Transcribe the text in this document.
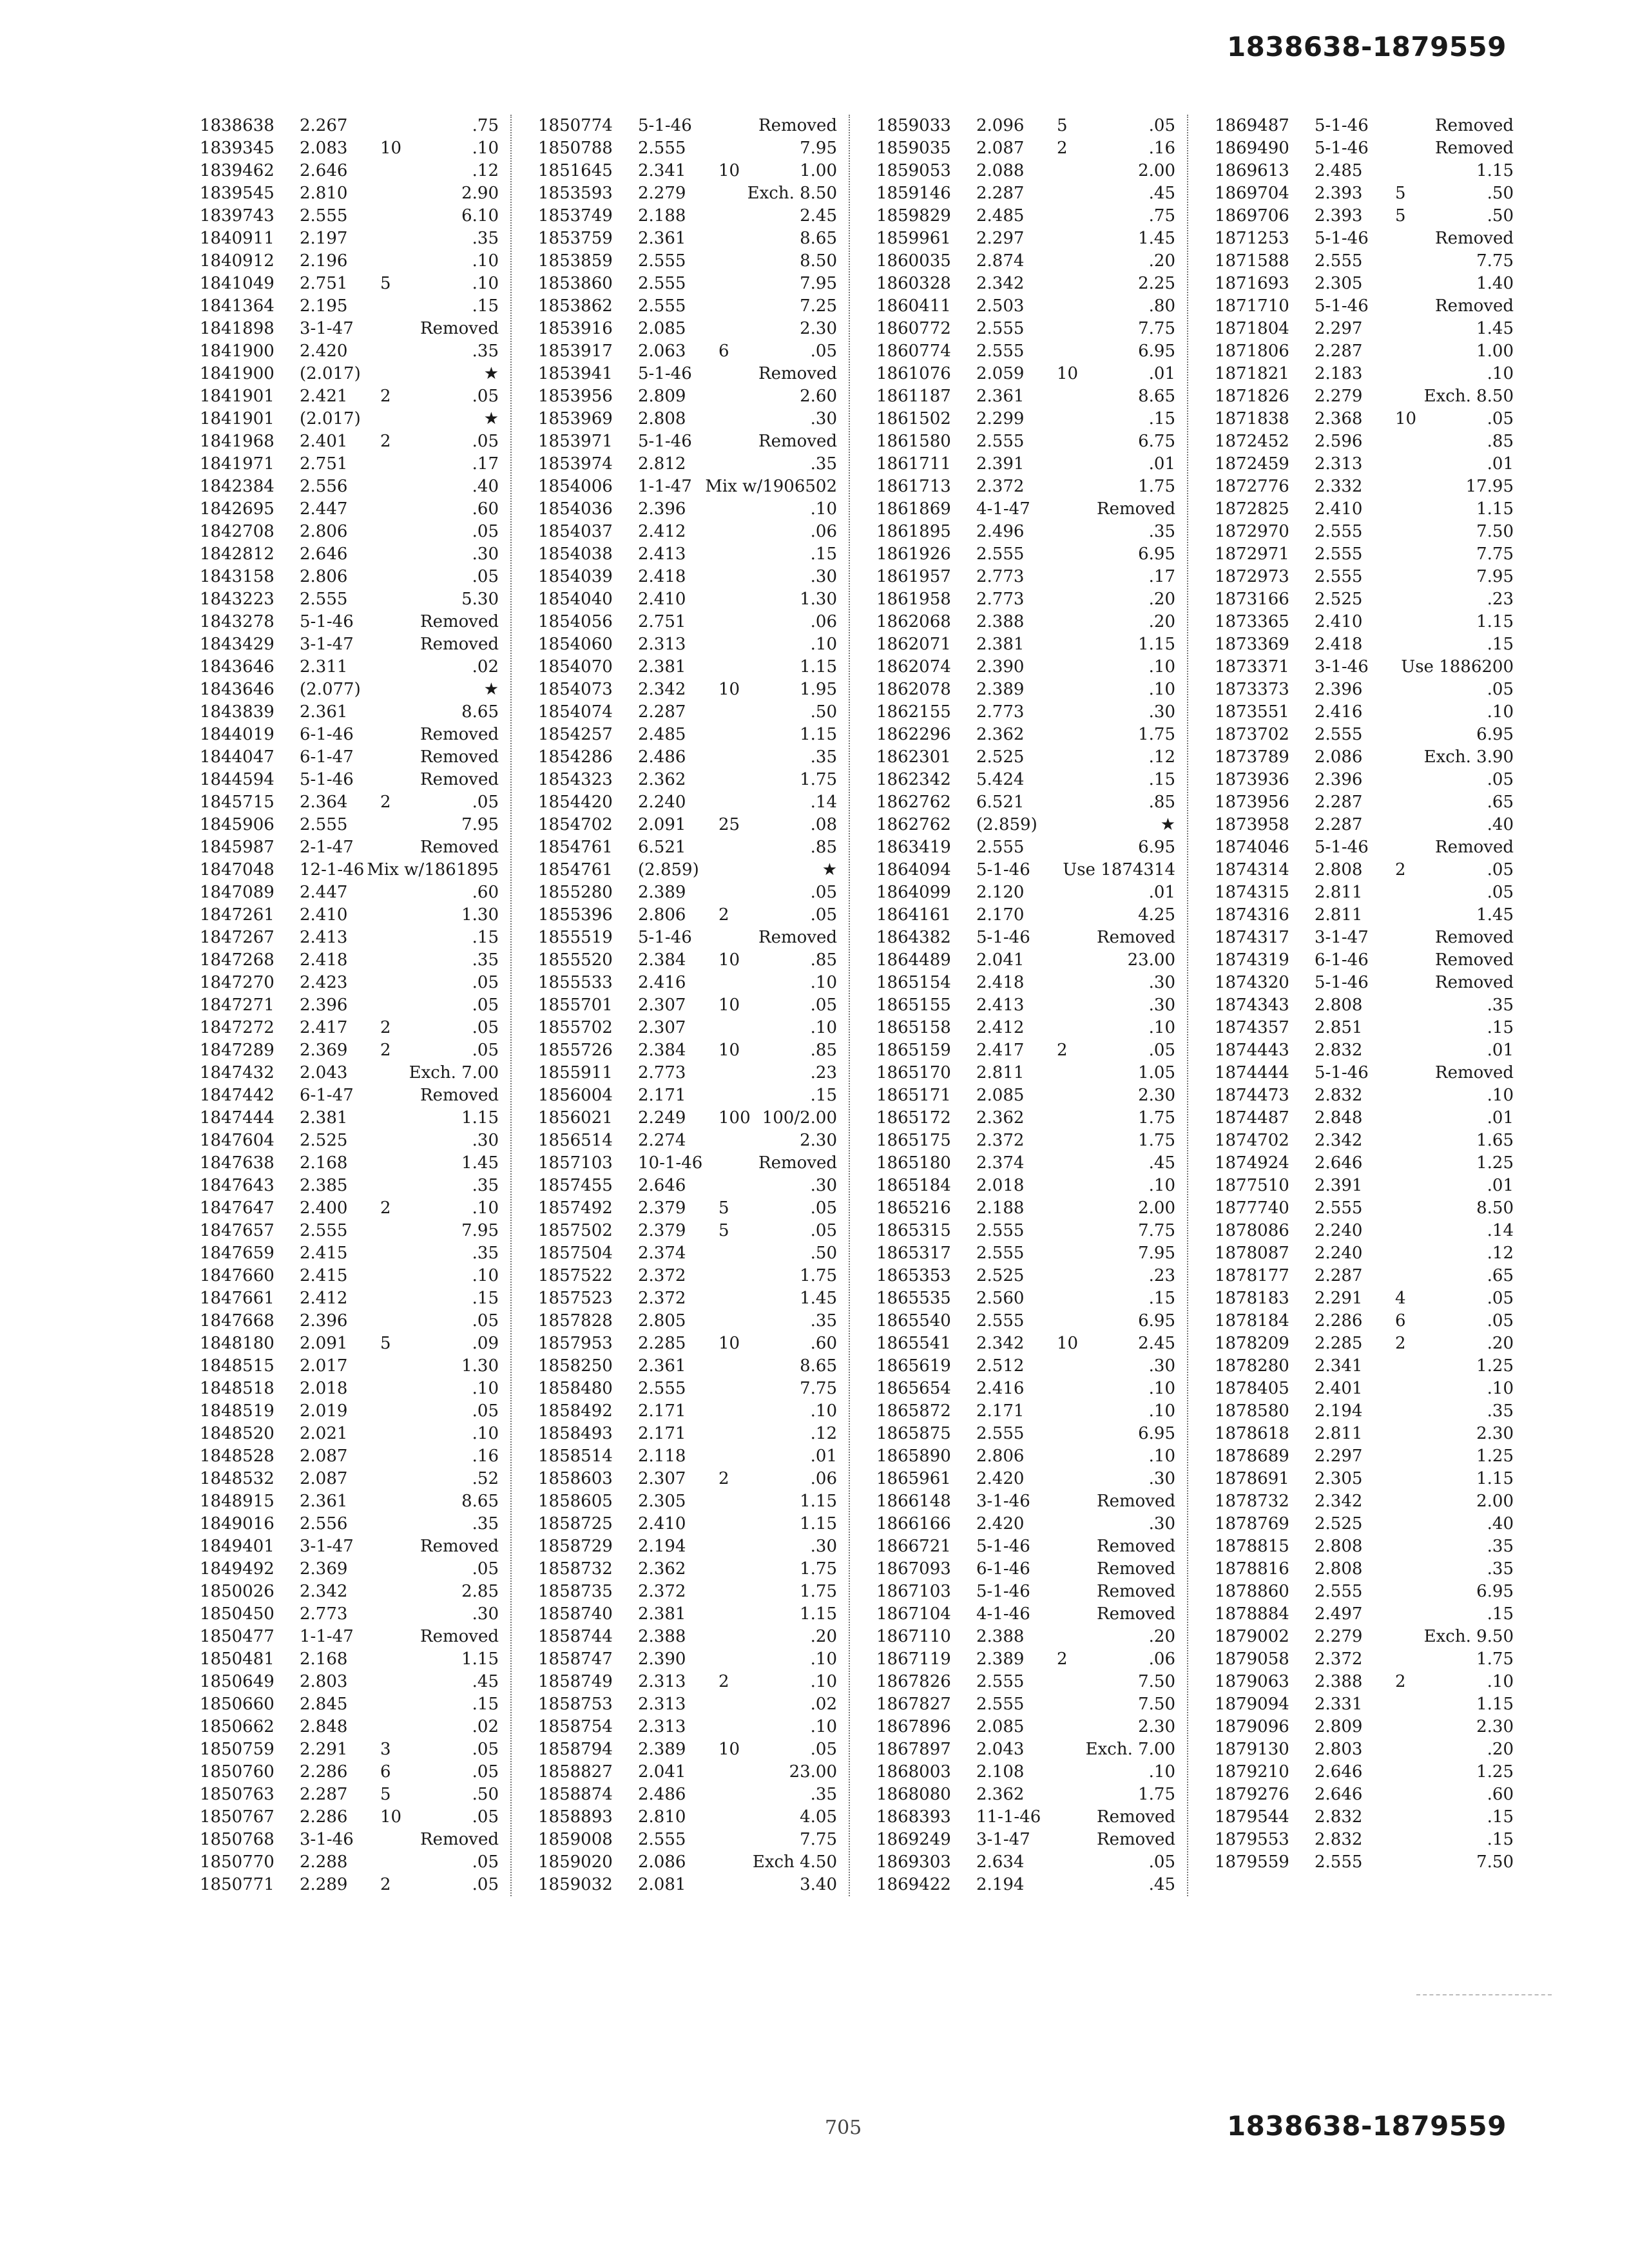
1838638-1879559
1838638 2.267	.75
1839345 2.083 10	.10
1839462 2.646	.12
1839545 2.810	2.90
1839743 2.555	6.10
1840911 2.197	.35
1840912 2.196	.10
1841049 2.751 5	.10
1841364 2.195	.15
1841898 3-1-47	Removed
1841900 2.420	.35
1841900 (2.017)	★
1841901 2.421 2	.05
1841901 (2.017)	★
1841968 2.401 2	.05
1841971 2.751	.17
1842384 2.556	.40
1842695 2.447	.60
1842708 2.806	.05
1842812 2.646	.30
1843158 2.806	.05
1843223 2.555	5.30
1843278 5-1-46	Removed
1843429 3-1-47	Removed
1843646 2.311	.02
1843646 (2.077)	★
1843839 2.361	8.65
1844019 6-1-46	Removed
1844047 6-1-47	Removed
1844594 5-1-46	Removed
1845715 2.364 2	.05
1845906 2.555	7.95
1845987 2-1-47	Removed
1847048 12-1-46 Mix w/1861895
1847089 2.447	.60
1847261 2.410	1.30
1847267 2.413	.15
1847268 2.418	.35
1847270 2.423	.05
1847271 2.396	.05
1847272 2.417 2	.05
1847289 2.369 2	.05
1847432 2.043	Exch. 7.00
1847442 6-1-47	Removed
1847444 2.381	1.15
1847604 2.525	.30
1847638 2.168	1.45
1847643 2.385	.35
1847647 2.400 2	.10
1847657 2.555	7.95
1847659 2.415	.35
1847660 2.415	.10
1847661 2.412	.15
1847668 2.396	.05
1848180 2.091 5	.09
1848515 2.017	1.30
1848518 2.018	.10
1848519 2.019	.05
1848520 2.021	.10
1848528 2.087	.16
1848532 2.087	.52
1848915 2.361	8.65
1849016 2.556	.35
1849401 3-1-47	Removed
1849492 2.369	.05
1850026 2.342	2.85
1850450 2.773	.30
1850477 1-1-47	Removed
1850481 2.168	1.15
1850649 2.803	.45
1850660 2.845	.15
1850662 2.848	.02
1850759 2.291 3	.05
1850760 2.286 6	.05
1850763 2.287 5	.50
1850767 2.286 10	.05
1850768 3-1-46	Removed
1850770 2.288	.05
1850771 2.289 2	.05
1850774 5-1-46	Removed
1850788 2.555	7.95
1851645 2.341 10	1.00
1853593 2.279	Exch. 8.50
1853749 2.188	2.45
1853759 2.361	8.65
1853859 2.555	8.50
1853860 2.555	7.95
1853862 2.555	7.25
1853916 2.085	2.30
1853917 2.063 6	.05
1853941 5-1-46	Removed
1853956 2.809	2.60
1853969 2.808	.30
1853971 5-1-46	Removed
1853974 2.812	.35
1854006 1-1-47 Mix w/1906502
1854036 2.396	.10
1854037 2.412	.06
1854038 2.413	.15
1854039 2.418	.30
1854040 2.410	1.30
1854056 2.751	.06
1854060 2.313	.10
1854070 2.381	1.15
1854073 2.342 10	1.95
1854074 2.287	.50
1854257 2.485	1.15
1854286 2.486	.35
1854323 2.362	1.75
1854420 2.240	.14
1854702 2.091 25	.08
1854761 6.521	.85
1854761 (2.859)	★
1855280 2.389	.05
1855396 2.806 2	.05
1855519 5-1-46	Removed
1855520 2.384 10	.85
1855533 2.416	.10
1855701 2.307 10	.05
1855702 2.307	.10
1855726 2.384 10	.85
1855911 2.773	.23
1856004 2.171	.15
1856021 2.249 100 100/2.00
1856514 2.274	2.30
1857103 10-1-46	Removed
1857455 2.646	.30
1857492 2.379 5	.05
1857502 2.379 5	.05
1857504 2.374	.50
1857522 2.372	1.75
1857523 2.372	1.45
1857828 2.805	.35
1857953 2.285 10	.60
1858250 2.361	8.65
1858480 2.555	7.75
1858492 2.171	.10
1858493 2.171	.12
1858514 2.118	.01
1858603 2.307 2	.06
1858605 2.305	1.15
1858725 2.410	1.15
1858729 2.194	.30
1858732 2.362	1.75
1858735 2.372	1.75
1858740 2.381	1.15
1858744 2.388	.20
1858747 2.390	.10
1858749 2.313 2	.10
1858753 2.313	.02
1858754 2.313	.10
1858794 2.389 10	.05
1858827 2.041	23.00
1858874 2.486	.35
1858893 2.810	4.05
1859008 2.555	7.75
1859020 2.086	Exch 4.50
1859032 2.081	3.40
1859033 2.096 5	.05
1859035 2.087 2	.16
1859053 2.088	2.00
1859146 2.287	.45
1859829 2.485	.75
1859961 2.297	1.45
1860035 2.874	.20
1860328 2.342	2.25
1860411 2.503	.80
1860772 2.555	7.75
1860774 2.555	6.95
1861076 2.059 10	.01
1861187 2.361	8.65
1861502 2.299	.15
1861580 2.555	6.75
1861711 2.391	.01
1861713 2.372	1.75
1861869 4-1-47	Removed
1861895 2.496	.35
1861926 2.555	6.95
1861957 2.773	.17
1861958 2.773	.20
1862068 2.388	.20
1862071 2.381	1.15
1862074 2.390	.10
1862078 2.389	.10
1862155 2.773	.30
1862296 2.362	1.75
1862301 2.525	.12
1862342 5.424	.15
1862762 6.521	.85
1862762 (2.859)	★
1863419 2.555	6.95
1864094 5-1-46 Use 1874314
1864099 2.120	.01
1864161 2.170	4.25
1864382 5-1-46	Removed
1864489 2.041	23.00
1865154 2.418	.30
1865155 2.413	.30
1865158 2.412	.10
1865159 2.417 2	.05
1865170 2.811	1.05
1865171 2.085	2.30
1865172 2.362	1.75
1865175 2.372	1.75
1865180 2.374	.45
1865184 2.018	.10
1865216 2.188	2.00
1865315 2.555	7.75
1865317 2.555	7.95
1865353 2.525	.23
1865535 2.560	.15
1865540 2.555	6.95
1865541 2.342 10	2.45
1865619 2.512	.30
1865654 2.416	.10
1865872 2.171	.10
1865875 2.555	6.95
1865890 2.806	.10
1865961 2.420	.30
1866148 3-1-46	Removed
1866166 2.420	.30
1866721 5-1-46	Removed
1867093 6-1-46	Removed
1867103 5-1-46	Removed
1867104 4-1-46	Removed
1867110 2.388	.20
1867119 2.389 2	.06
1867826 2.555	7.50
1867827 2.555	7.50
1867896 2.085	2.30
1867897 2.043	Exch. 7.00
1868003 2.108	.10
1868080 2.362	1.75
1868393 11-1-46	Removed
1869249 3-1-47	Removed
1869303 2.634	.05
1869422 2.194	.45
1869487 5-1-46	Removed
1869490 5-1-46	Removed
1869613 2.485	1.15
1869704 2.393 5	.50
1869706 2.393 5	.50
1871253 5-1-46	Removed
1871588 2.555	7.75
1871693 2.305	1.40
1871710 5-1-46	Removed
1871804 2.297	1.45
1871806 2.287	1.00
1871821 2.183	.10
1871826 2.279	Exch. 8.50
1871838 2.368 10	.05
1872452 2.596	.85
1872459 2.313	.01
1872776 2.332	17.95
1872825 2.410	1.15
1872970 2.555	7.50
1872971 2.555	7.75
1872973 2.555	7.95
1873166 2.525	.23
1873365 2.410	1.15
1873369 2.418	.15
1873371 3-1-46 Use 1886200
1873373 2.396	.05
1873551 2.416	.10
1873702 2.555	6.95
1873789 2.086	Exch. 3.90
1873936 2.396	.05
1873956 2.287	.65
1873958 2.287	.40
1874046 5-1-46	Removed
1874314 2.808 2	.05
1874315 2.811	.05
1874316 2.811	1.45
1874317 3-1-47	Removed
1874319 6-1-46	Removed
1874320 5-1-46	Removed
1874343 2.808	.35
1874357 2.851	.15
1874443 2.832	.01
1874444 5-1-46	Removed
1874473 2.832	.10
1874487 2.848	.01
1874702 2.342	1.65
1874924 2.646	1.25
1877510 2.391	.01
1877740 2.555	8.50
1878086 2.240	.14
1878087 2.240	.12
1878177 2.287	.65
1878183 2.291 4	.05
1878184 2.286 6	.05
1878209 2.285 2	.20
1878280 2.341	1.25
1878405 2.401	.10
1878580 2.194	.35
1878618 2.811	2.30
1878689 2.297	1.25
1878691 2.305	1.15
1878732 2.342	2.00
1878769 2.525	.40
1878815 2.808	.35
1878816 2.808	.35
1878860 2.555	6.95
1878884 2.497	.15
1879002 2.279	Exch. 9.50
1879058 2.372	1.75
1879063 2.388 2	.10
1879094 2.331	1.15
1879096 2.809	2.30
1879130 2.803	.20
1879210 2.646	1.25
1879276 2.646	.60
1879544 2.832	.15
1879553 2.832	.15
1879559 2.555	7.50
705	1838638-1879559
